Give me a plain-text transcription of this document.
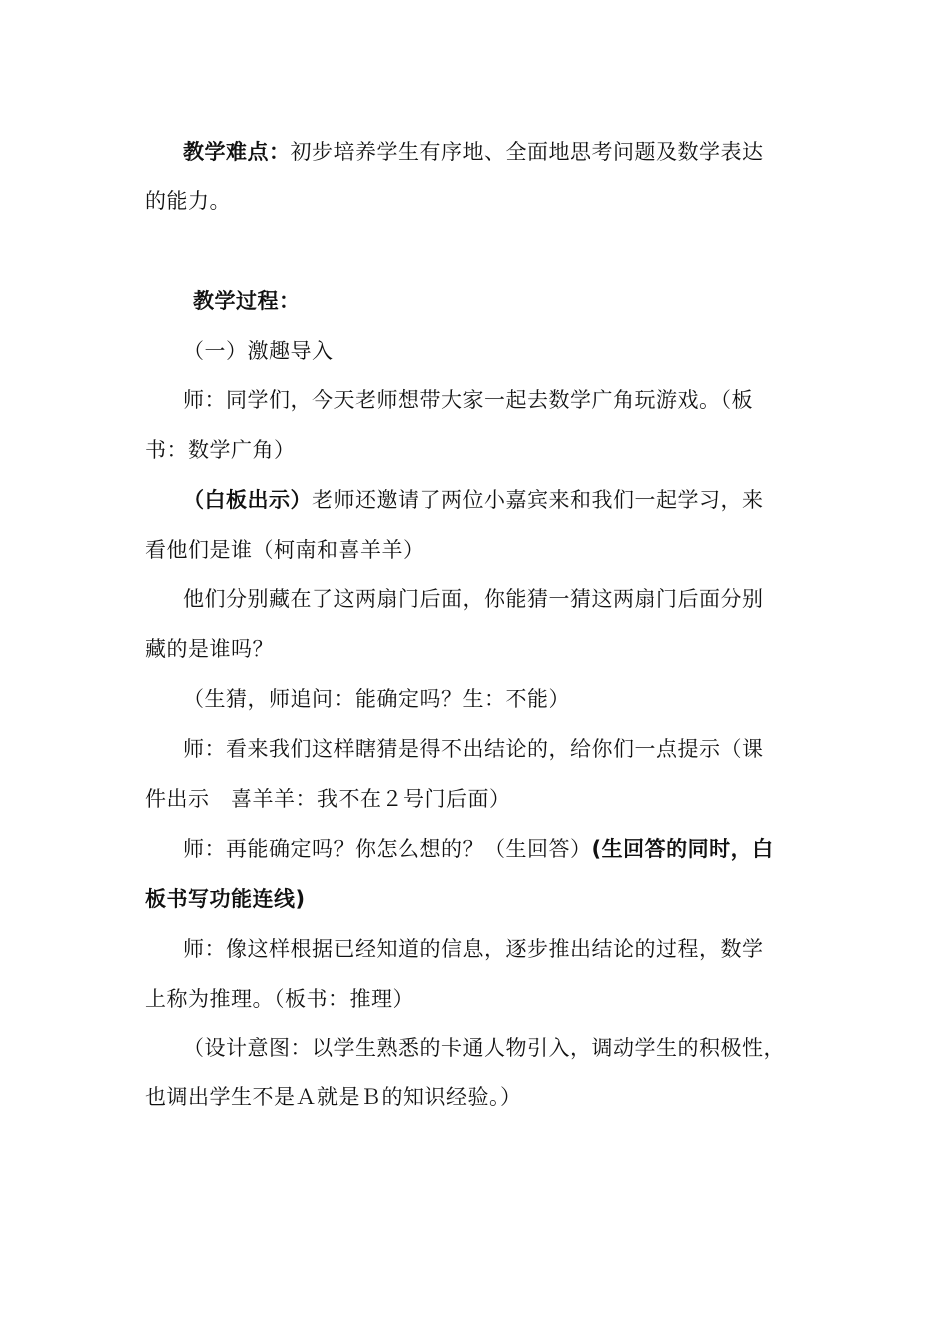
教学难点：初步培养学生有序地、全面地思考问题及数学表达
的能力。
教学过程：
（一）激趣导入
师：同学们，今天老师想带大家一起去数学广角玩游戏。（板
书：数学广角）
（白板出示）老师还邀请了两位小嘉宾来和我们一起学习，来
看他们是谁（柯南和喜羊羊）
他们分别藏在了这两扇门后面，你能猜一猜这两扇门后面分别
藏的是谁吗？
（生猜，师追问：能确定吗？生：不能）
师：看来我们这样瞎猜是得不出结论的，给你们一点提示（课
件出示　喜羊羊：我不在２号门后面）
师：再能确定吗？你怎么想的？（生回答）(生回答的同时，白
板书写功能连线)
师：像这样根据已经知道的信息，逐步推出结论的过程，数学
上称为推理。（板书：推理）
（设计意图：以学生熟悉的卡通人物引入，调动学生的积极性，
也调出学生不是Ａ就是Ｂ的知识经验。）
